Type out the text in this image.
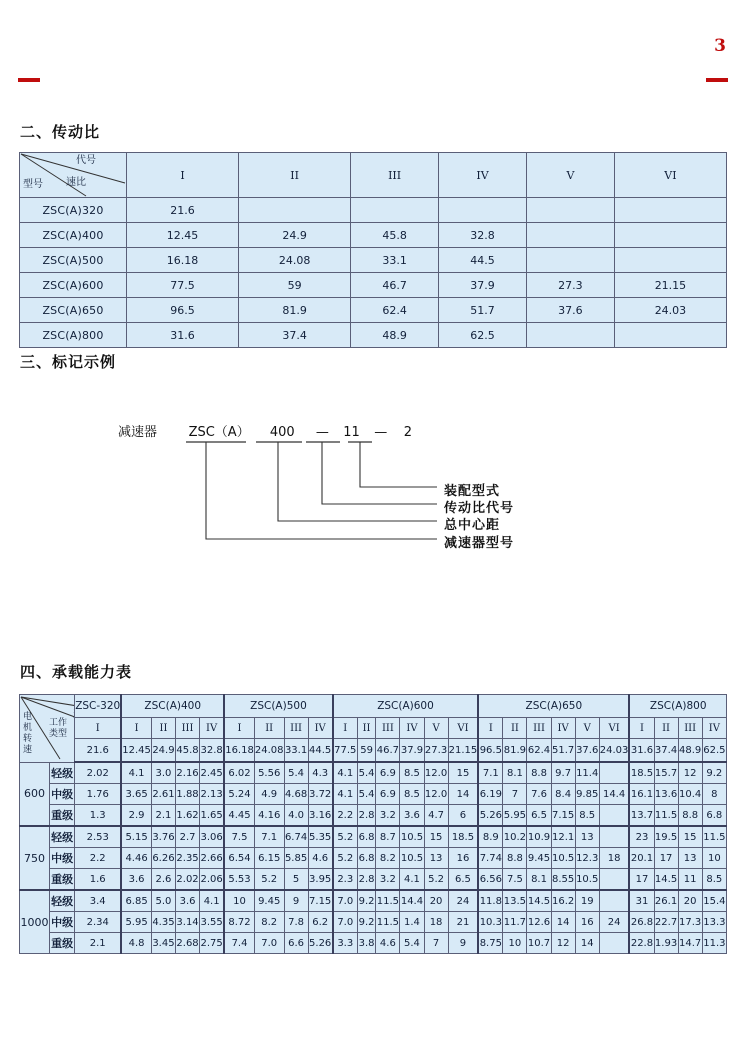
3
二、传动比
代号
速比
型号	I	II	III	IV	V	VI
ZSC(A)320	21.6					
ZSC(A)400	12.45	24.9	45.8	32.8		
ZSC(A)500	16.18	24.08	33.1	44.5		
ZSC(A)600	77.5	59	46.7	37.9	27.3	21.15
ZSC(A)650	96.5	81.9	62.4	51.7	37.6	24.03
ZSC(A)800	31.6	37.4	48.9	62.5		
三、标记示例
减速器 ZSC（A） 400 — 11 — 2
装配型式
传动比代号
总中心距
减速器型号
四、承载能力表
电机转速
工作类型		ZSC-320	ZSC(A)400				ZSC(A)500				ZSC(A)600						ZSC(A)650						ZSC(A)800			
		I	I	II	III	IV	I	II	III	IV	I	II	III	IV	V	VI	I	II	III	IV	V	VI	I	II	III	IV
		21.6	12.45	24.9	45.8	32.8	16.18	24.08	33.1	44.5	77.5	59	46.7	37.9	27.3	21.15	96.5	81.9	62.4	51.7	37.6	24.03	31.6	37.4	48.9	62.5
600	轻级	2.02	4.1	3.0	2.16	2.45	6.02	5.56	5.4	4.3	4.1	5.4	6.9	8.5	12.0	15	7.1	8.1	8.8	9.7	11.4		18.5	15.7	12	9.2
	中级	1.76	3.65	2.61	1.88	2.13	5.24	4.9	4.68	3.72	4.1	5.4	6.9	8.5	12.0	14	6.19	7	7.6	8.4	9.85	14.4	16.1	13.6	10.4	8
	重级	1.3	2.9	2.1	1.62	1.65	4.45	4.16	4.0	3.16	2.2	2.8	3.2	3.6	4.7	6	5.26	5.95	6.5	7.15	8.5		13.7	11.5	8.8	6.8
750	轻级	2.53	5.15	3.76	2.7	3.06	7.5	7.1	6.74	5.35	5.2	6.8	8.7	10.5	15	18.5	8.9	10.2	10.9	12.1	13		23	19.5	15	11.5
	中级	2.2	4.46	6.26	2.35	2.66	6.54	6.15	5.85	4.6	5.2	6.8	8.2	10.5	13	16	7.74	8.8	9.45	10.5	12.3	18	20.1	17	13	10
	重级	1.6	3.6	2.6	2.02	2.06	5.53	5.2	5	3.95	2.3	2.8	3.2	4.1	5.2	6.5	6.56	7.5	8.1	8.55	10.5		17	14.5	11	8.5
1000	轻级	3.4	6.85	5.0	3.6	4.1	10	9.45	9	7.15	7.0	9.2	11.5	14.4	20	24	11.8	13.5	14.5	16.2	19		31	26.1	20	15.4
	中级	2.34	5.95	4.35	3.14	3.55	8.72	8.2	7.8	6.2	7.0	9.2	11.5	1.4	18	21	10.3	11.7	12.6	14	16	24	26.8	22.7	17.3	13.3
	重级	2.1	4.8	3.45	2.68	2.75	7.4	7.0	6.6	5.26	3.3	3.8	4.6	5.4	7	9	8.75	10	10.7	12	14		22.8	1.93	14.7	11.3
